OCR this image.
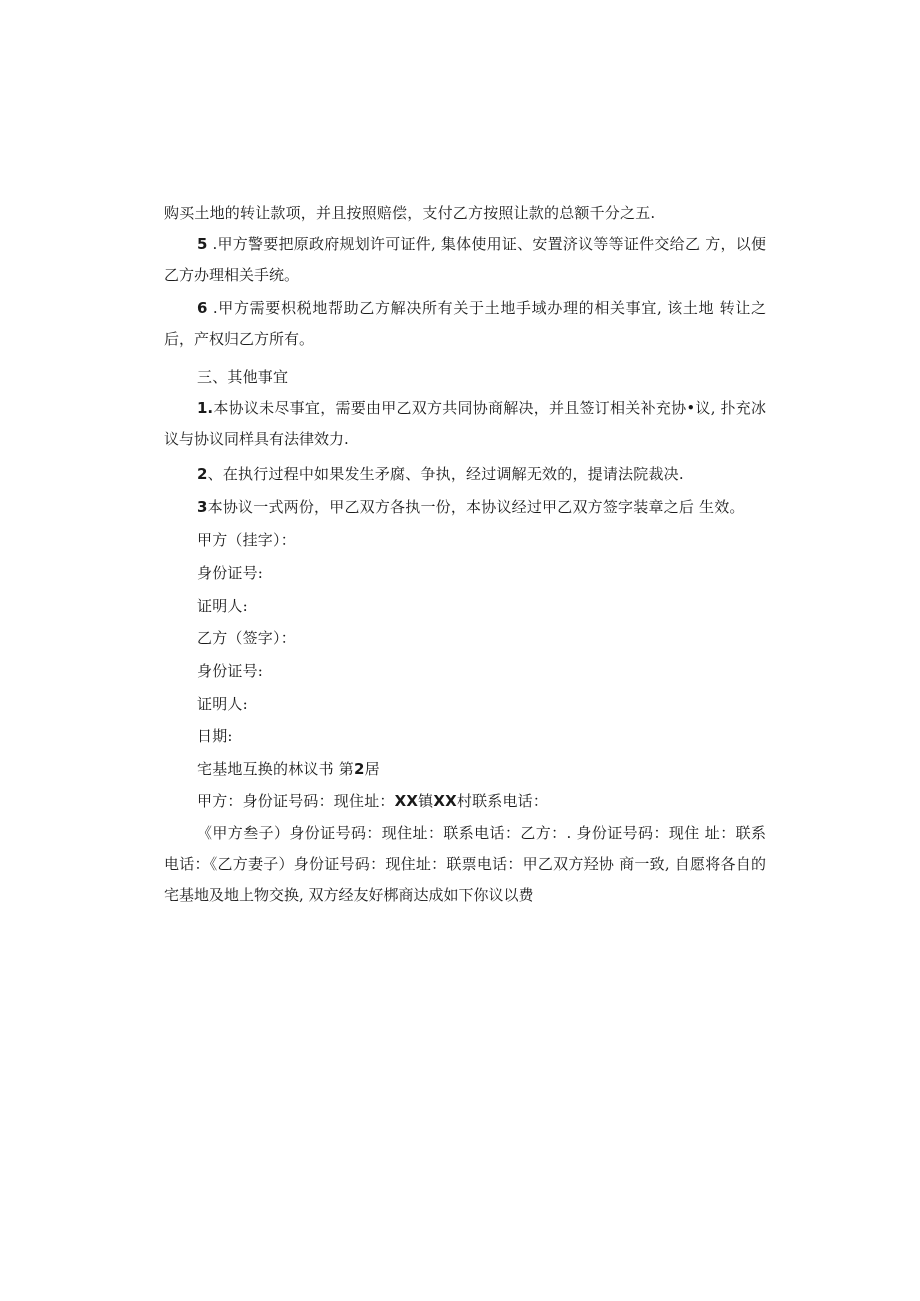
购买土地的转让款项，并且按照赔偿，支付乙方按照让款的总额千分之五.
5 .甲方警要把原政府规划许可证件, 集体使用证、安置济议等等证件交给乙 方，以便乙方办理相关手统。
6 .甲方需要枳税地帮助乙方解决所有关于土地手域办理的相关事宜, 该土地 转让之后，产权归乙方所有。
三、其他事宜
1.本协议未尽事宜，需要由甲乙双方共同协商解决，并且签订相关补充协•议, 扑充冰议与协议同样具有法律效力.
2、在执行过程中如果发生矛腐、争执，经过调解无效的，提请法院裁决.
3本协议一式两份，甲乙双方各执一份，本协议经过甲乙双方签字装章之后 生效。
甲方（挂字）：
身份证号:
证明人:
乙方（签字）：
身份证号:
证明人:
日期:
宅基地互换的林议书 第2居
甲方：身份证号码：现住址：XX镇XX村联系电话：
《甲方叁子）身份证号码：现住址：联系电话：乙方：. 身份证号码：现住 址：联系电话：《乙方妻子）身份证号码：现住址：联票电话：甲乙双方羟协 商一致, 自愿将各自的宅基地及地上物交换, 双方经友好梆商达成如下你议以费
